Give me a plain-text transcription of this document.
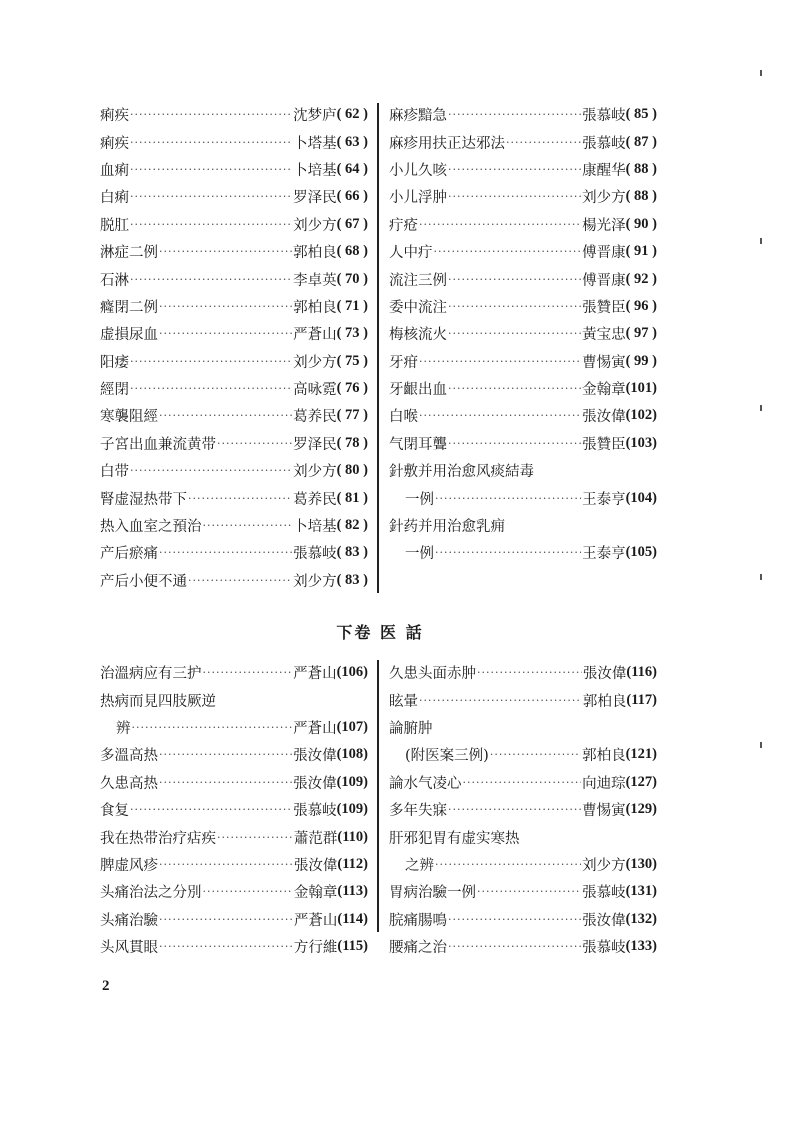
痢疾
·····	沈梦庐 ( 62 )
痢疾
·····	卜塔基 ( 63 )
血痢
·····	卜培基 ( 64 )
白痢
·····	罗泽民 ( 66 )
脱肛
·····	刘少方 ( 67 )
淋症二例
·····	郭柏良 ( 68 )
石淋
·····	李卓英 ( 70 )
癃閉二例
·····	郭柏良 ( 71 )
虚損尿血
·····	严蒼山 ( 73 )
阳痿
·····	刘少方 ( 75 )
經閉
·····	高咏霓 ( 76 )
寒襲阻經
·····	葛养民 ( 77 )
子宮出血兼流黄带
·····	罗泽民 ( 78 )
白带
·····	刘少方 ( 80 )
腎虚湿热带下
·····	葛养民 ( 81 )
热入血室之預治
·····	卜培基 ( 82 )
产后瘀痛
·····	張慕岐 ( 83 )
产后小便不通
·····	刘少方 ( 83 )
麻疹黯急
·····	張慕岐 ( 85 )
麻疹用扶正达邪法
·····	張慕岐 ( 87 )
小儿久咳
·····	康醒华 ( 88 )
小儿浮肿
·····	刘少方 ( 88 )
疔疮
·····	楊光泽 ( 90 )
人中疔
·····	傅晋康 ( 91 )
流注三例
·····	傅晋康 ( 92 )
委中流注
·····	張贊臣 ( 96 )
梅核流火
·····	黃宝忠 ( 97 )
牙疳
·····	曹惕寅 ( 99 )
牙齦出血
·····	金翰章 (101)
白喉
·····	張汝偉 (102)
气閉耳聾
·····	張贊臣 (103)
針敷并用治愈风痰結毒
一例
·····	王泰亨 (104)
針药并用治愈乳痈
一例
·····	王泰亨 (105)
下卷 医 話
治溫病应有三护
·····	严蒼山 (106)
热病而見四肢厥逆
辨
·····	严蒼山 (107)
多溫高热
·····	張汝偉 (108)
久患高热
·····	張汝偉 (109)
食复
·····	張慕岐 (109)
我在热带治疗痁疾
·····	蕭范群 (110)
脾虚风疹
·····	張汝偉 (112)
头痛治法之分別
·····	金翰章 (113)
头痛治驗
·····	严蒼山 (114)
头风貫眼
·····	方行維 (115)
久患头面赤肿
·····	張汝偉 (116)
眩暈
·····	郭柏良 (117)
論腑肿
(附医案三例)
·····	郭柏良 (121)
論水气凌心
·····	向迪琮 (127)
多年失寐
·····	曹惕寅 (129)
肝邪犯胃有虚实寒热
之辨
·····	刘少方 (130)
胃病治驗一例
·····	張慕岐 (131)
脘痛腸鳴
·····	張汝偉 (132)
腰痛之治
·····	張慕岐 (133)
2
